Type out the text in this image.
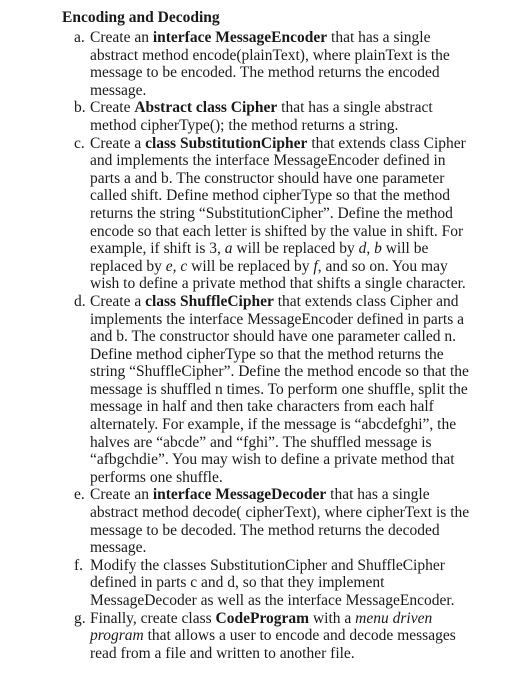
Encoding and Decoding
a. Create an interface MessageEncoder that has a single abstract method encode(plainText), where plainText is the message to be encoded. The method returns the encoded message.
b. Create Abstract class Cipher that has a single abstract method cipherType(); the method returns a string.
c. Create a class SubstitutionCipher that extends class Cipher and implements the interface MessageEncoder defined in parts a and b. The constructor should have one parameter called shift. Define method cipherType so that the method returns the string “SubstitutionCipher”. Define the method encode so that each letter is shifted by the value in shift. For example, if shift is 3, a will be replaced by d, b will be replaced by e, c will be replaced by f, and so on. You may wish to define a private method that shifts a single character.
d. Create a class ShuffleCipher that extends class Cipher and implements the interface MessageEncoder defined in parts a and b. The constructor should have one parameter called n. Define method cipherType so that the method returns the string “ShuffleCipher”. Define the method encode so that the message is shuffled n times. To perform one shuffle, split the message in half and then take characters from each half alternately. For example, if the message is “abcdefghi”, the halves are “abcde” and “fghi”. The shuffled message is “afbgchdie”. You may wish to define a private method that performs one shuffle.
e. Create an interface MessageDecoder that has a single abstract method decode( cipherText), where cipherText is the message to be decoded. The method returns the decoded message.
f. Modify the classes SubstitutionCipher and ShuffleCipher defined in parts c and d, so that they implement MessageDecoder as well as the interface MessageEncoder.
g. Finally, create class CodeProgram with a menu driven program that allows a user to encode and decode messages read from a file and written to another file.
